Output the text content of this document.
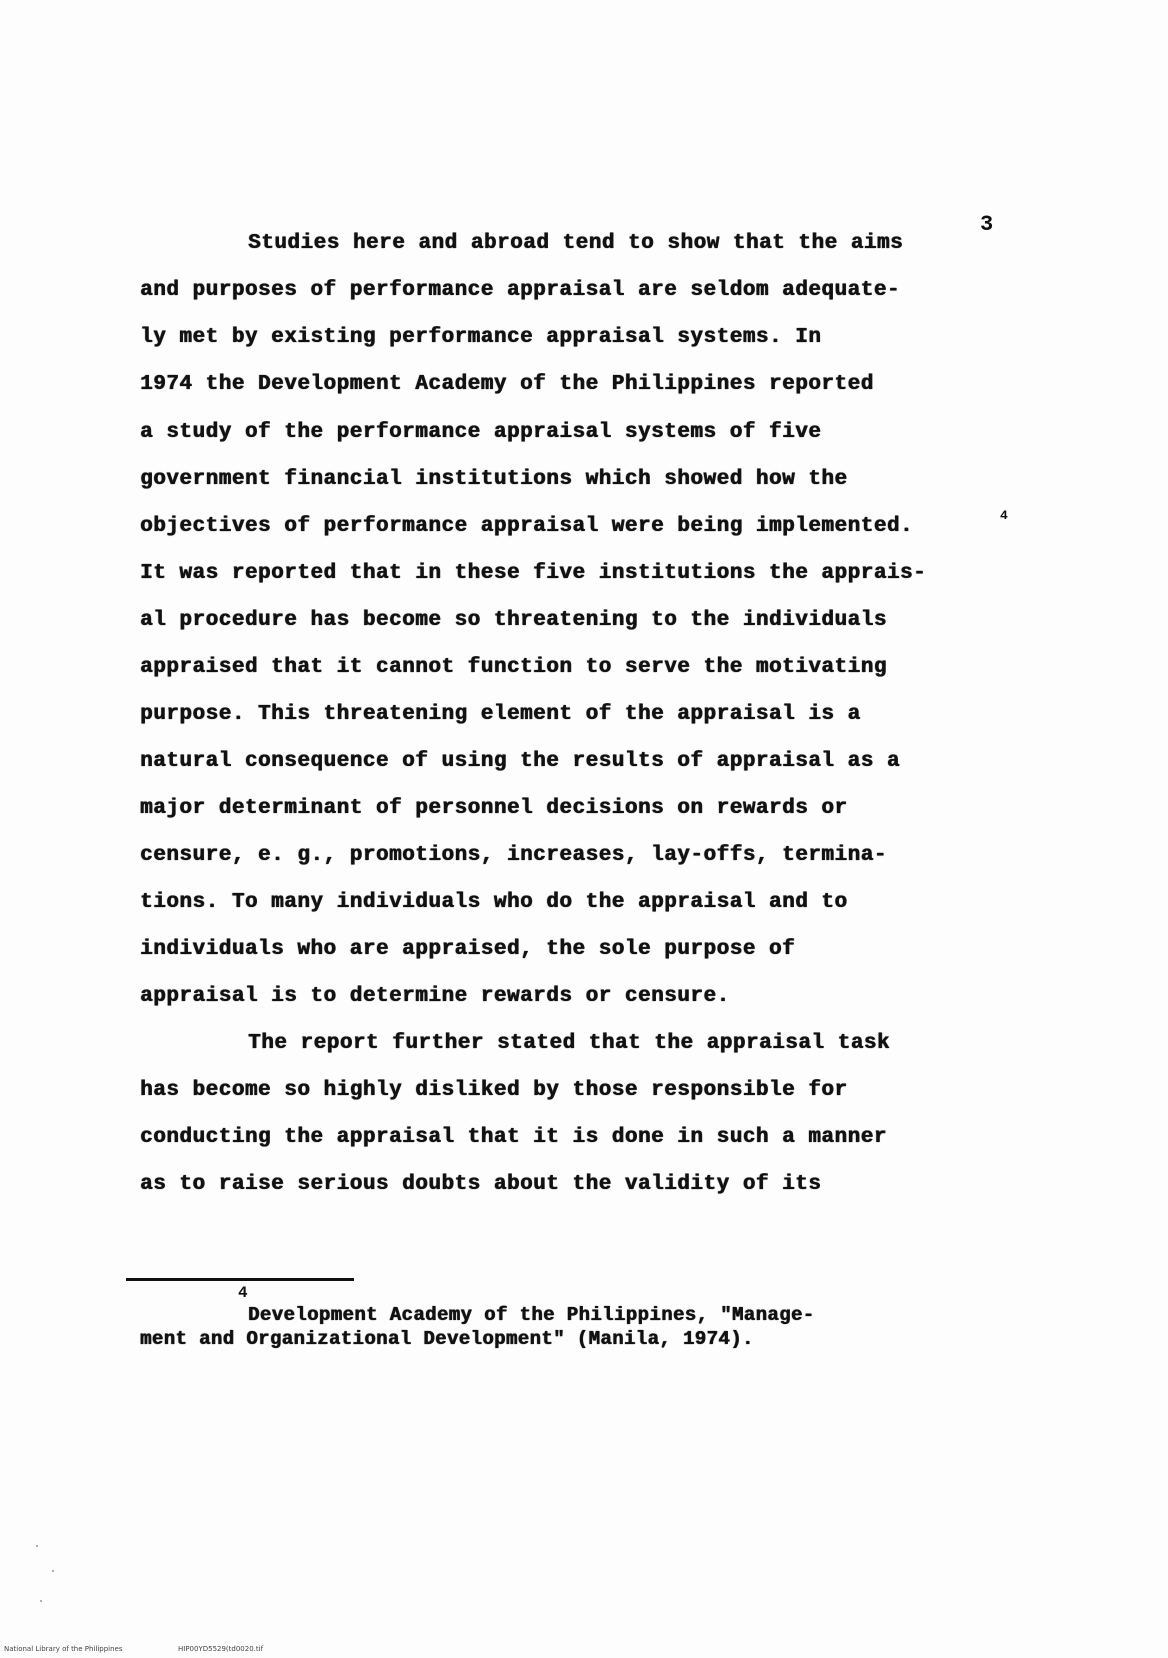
3
Studies here and abroad tend to show that the aims
and purposes of performance appraisal are seldom adequate-
ly met by existing performance appraisal systems. In
1974 the Development Academy of the Philippines reported
a study of the performance appraisal systems of five
government financial institutions which showed how the
objectives of performance appraisal were being implemented.	4
It was reported that in these five institutions the apprais-
al procedure has become so threatening to the individuals
appraised that it cannot function to serve the motivating
purpose. This threatening element of the appraisal is a
natural consequence of using the results of appraisal as a
major determinant of personnel decisions on rewards or
censure, e. g., promotions, increases, lay-offs, termina-
tions. To many individuals who do the appraisal and to
individuals who are appraised, the sole purpose of
appraisal is to determine rewards or censure.
The report further stated that the appraisal task
has become so highly disliked by those responsible for
conducting the appraisal that it is done in such a manner
as to raise serious doubts about the validity of its
4
Development Academy of the Philippines, "Manage-
ment and Organizational Development" (Manila, 1974).
National Library of the Philippines	HIP00YD5529(td0020.tif
